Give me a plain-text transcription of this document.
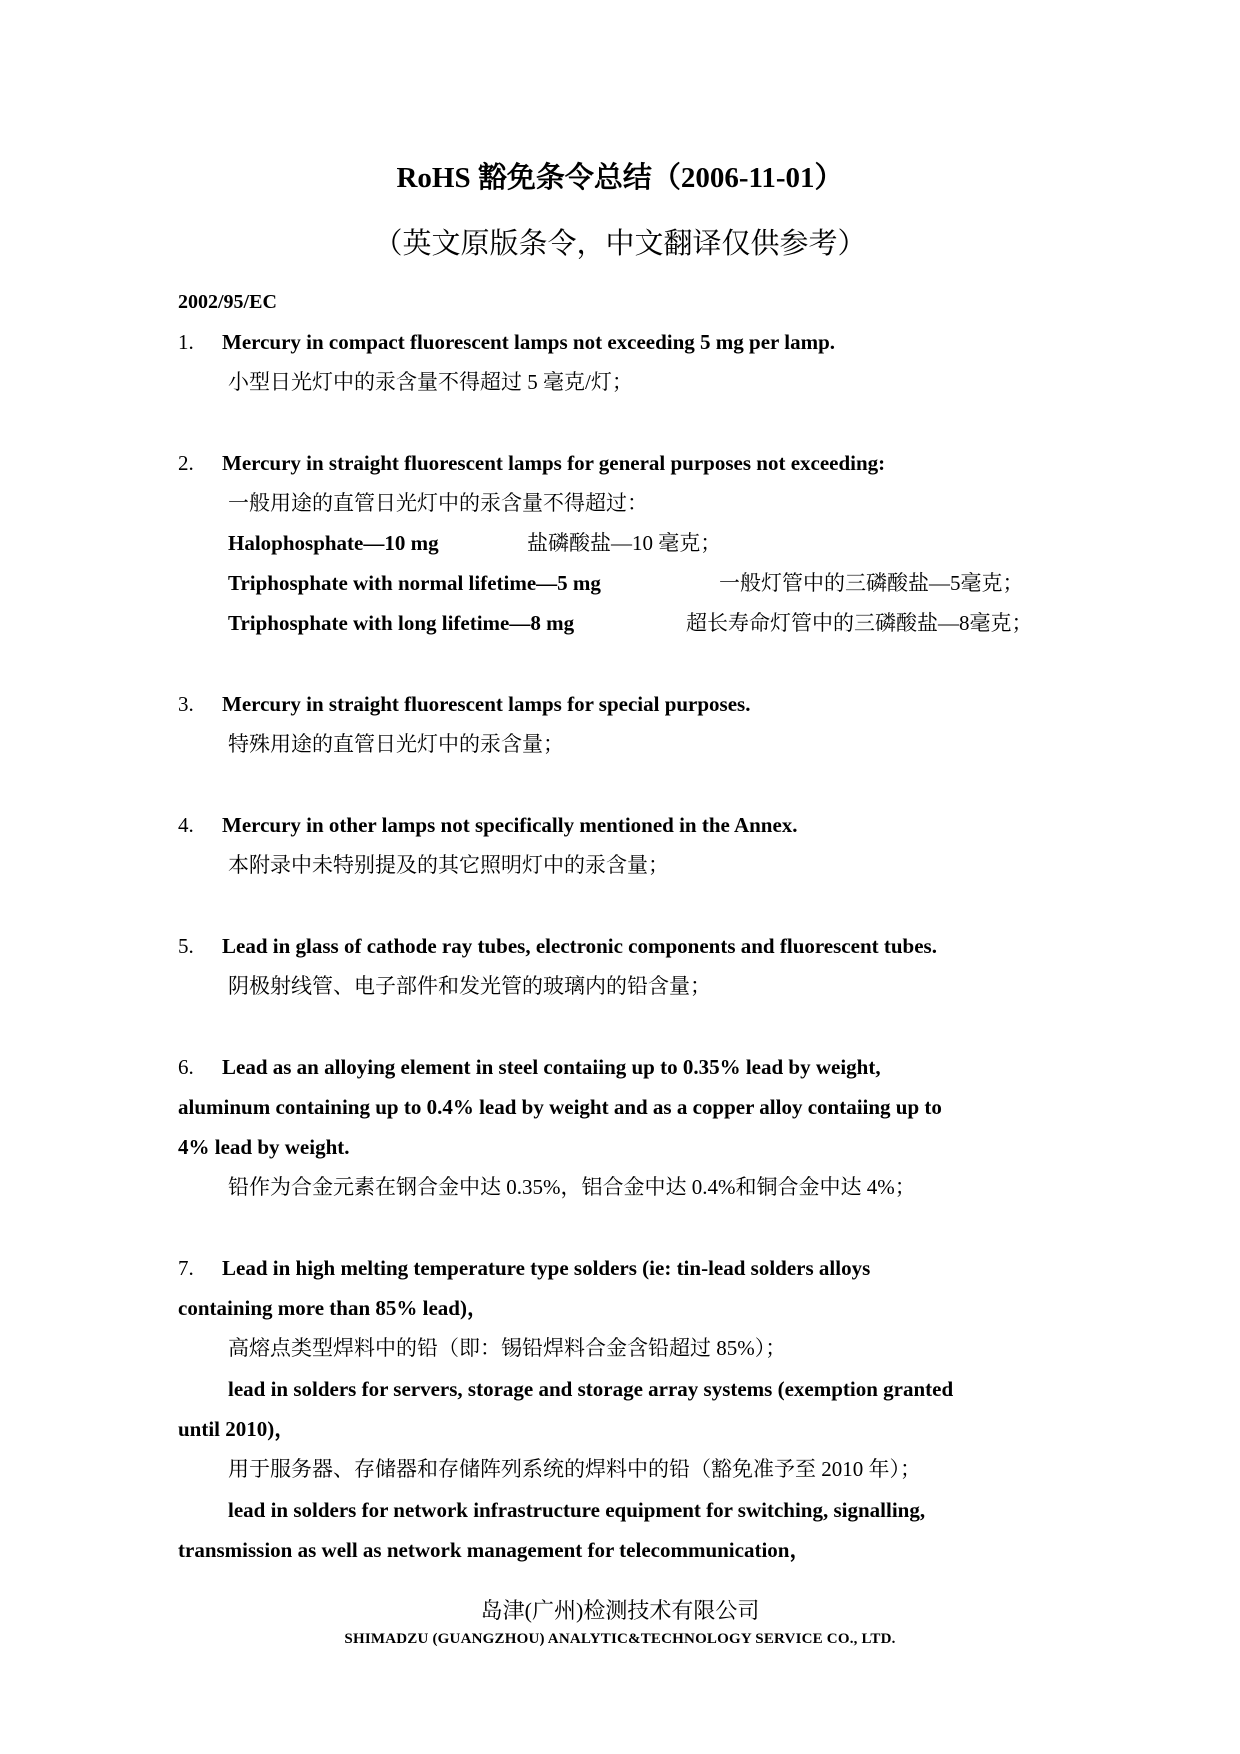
RoHS 豁免条令总结（2006-11-01）
（英文原版条令，中文翻译仅供参考）
2002/95/EC
1. Mercury in compact fluorescent lamps not exceeding 5 mg per lamp.
小型日光灯中的汞含量不得超过 5 毫克/灯；
2. Mercury in straight fluorescent lamps for general purposes not exceeding:
一般用途的直管日光灯中的汞含量不得超过：
Halophosphate—10 mg	盐磷酸盐—10 毫克；
Triphosphate with normal lifetime—5 mg	一般灯管中的三磷酸盐—5毫克；
Triphosphate with long lifetime—8 mg	超长寿命灯管中的三磷酸盐—8毫克；
3. Mercury in straight fluorescent lamps for special purposes.
特殊用途的直管日光灯中的汞含量；
4. Mercury in other lamps not specifically mentioned in the Annex.
本附录中未特别提及的其它照明灯中的汞含量；
5. Lead in glass of cathode ray tubes, electronic components and fluorescent tubes.
阴极射线管、电子部件和发光管的玻璃内的铅含量；
6. Lead as an alloying element in steel contaiing up to 0.35% lead by weight,
aluminum containing up to 0.4% lead by weight and as a copper alloy contaiing up to
4% lead by weight.
铅作为合金元素在钢合金中达 0.35%，铝合金中达 0.4%和铜合金中达 4%；
7. Lead in high melting temperature type solders (ie: tin-lead solders alloys
containing more than 85% lead)，
高熔点类型焊料中的铅（即：锡铅焊料合金含铅超过 85%）；
lead in solders for servers, storage and storage array systems (exemption granted
until 2010)，
用于服务器、存储器和存储阵列系统的焊料中的铅（豁免准予至 2010 年）；
lead in solders for network infrastructure equipment for switching, signalling,
transmission as well as network management for telecommunication，
岛津(广州)检测技术有限公司
SHIMADZU (GUANGZHOU) ANALYTIC&TECHNOLOGY SERVICE CO., LTD.
